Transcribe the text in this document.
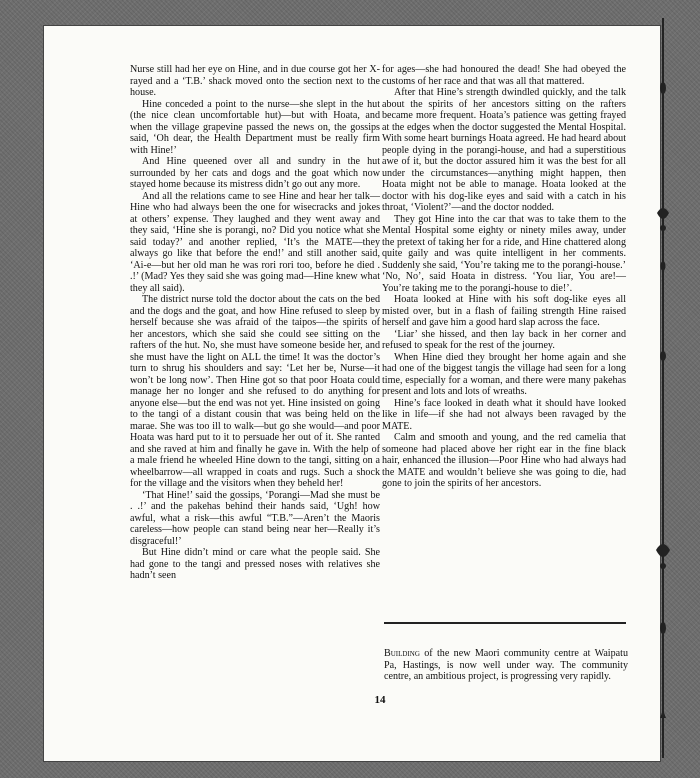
Nurse still had her eye on Hine, and in due course got her X-rayed and a ‘T.B.’ shack moved onto the section next to the house.

Hine conceded a point to the nurse—she slept in the hut (the nice clean uncomfortable hut)—but with Hoata, and when the village grapevine passed the news on, the gossips said, ‘Oh dear, the Health Department must be really firm with Hine!’

And Hine queened over all and sundry in the hut surrounded by her cats and dogs and the goat which now stayed home because its mistress didn’t go out any more.

And all the relations came to see Hine and hear her talk—Hine who had always been the one for wisecracks and jokes at others’ expense. They laughed and they went away and they said, ‘Hine she is porangi, no? Did you notice what she said today?’ and another replied, ‘It’s the MATE—they always go like that before the end!’ and still another said, ‘Ai-e—but her old man he was rori rori too, before he died . .!’ (Mad? Yes they said she was going mad—Hine knew what they all said).

The district nurse told the doctor about the cats on the bed and the dogs and the goat, and how Hine refused to sleep by herself because she was afraid of the taipos—the spirits of her ancestors, which she said she could see sitting on the rafters of the hut. No, she must have someone beside her, and she must have the light on ALL the time! It was the doctor’s turn to shrug his shoulders and say: ‘Let her be, Nurse—it won’t be long now’. Then Hine got so that poor Hoata could manage her no longer and she refused to do anything for anyone else—but the end was not yet. Hine insisted on going to the tangi of a distant cousin that was being held on the marae. She was too ill to walk—but go she would—and poor Hoata was hard put to it to persuade her out of it. She ranted and she raved at him and finally he gave in. With the help of a male friend he wheeled Hine down to the tangi, sitting on a wheelbarrow—all wrapped in coats and rugs. Such a shock for the village and the visitors when they beheld her!

‘That Hine!’ said the gossips, ‘Porangi—Mad she must be . .!’ and the pakehas behind their hands said, ‘Ugh! how awful, what a risk—this awful “T.B.”—Aren’t the Maoris careless—how people can stand being near her—Really it’s disgraceful!’

But Hine didn’t mind or care what the people said. She had gone to the tangi and pressed noses with relatives she hadn’t seen

for ages—she had honoured the dead! She had obeyed the customs of her race and that was all that mattered.

After that Hine’s strength dwindled quickly, and the talk about the spirits of her ancestors sitting on the rafters became more frequent. Hoata’s patience was getting frayed at the edges when the doctor suggested the Mental Hospital. With some heart burnings Hoata agreed. He had heard about people dying in the porangi-house, and had a superstitious awe of it, but the doctor assured him it was the best for all under the circumstances—anything might happen, then Hoata might not be able to manage. Hoata looked at the doctor with his dog-like eyes and said with a catch in his throat, ‘Violent?’—and the doctor nodded.

They got Hine into the car that was to take them to the Mental Hospital some eighty or ninety miles away, under the pretext of taking her for a ride, and Hine chattered along quite gaily and was quite intelligent in her comments. Suddenly she said, ‘You’re taking me to the porangi-house.’ ‘No, No’, said Hoata in distress. ‘You liar, You are!—You’re taking me to the porangi-house to die!’.

Hoata looked at Hine with his soft dog-like eyes all misted over, but in a flash of failing strength Hine raised herself and gave him a good hard slap across the face.

‘Liar’ she hissed, and then lay back in her corner and refused to speak for the rest of the journey.

When Hine died they brought her home again and she had one of the biggest tangis the village had seen for a long time, especially for a woman, and there were many pakehas present and lots and lots of wreaths.

Hine’s face looked in death what it should have looked like in life—if she had not always been ravaged by the MATE.

Calm and smooth and young, and the red camelia that someone had placed above her right ear in the fine black hair, enhanced the illusion—Poor Hine who had always had the MATE and wouldn’t believe she was going to die, had gone to join the spirits of her ancestors.

Building of the new Maori community centre at Waipatu Pa, Hastings, is now well under way. The community centre, an ambitious project, is progressing very rapidly.
14
